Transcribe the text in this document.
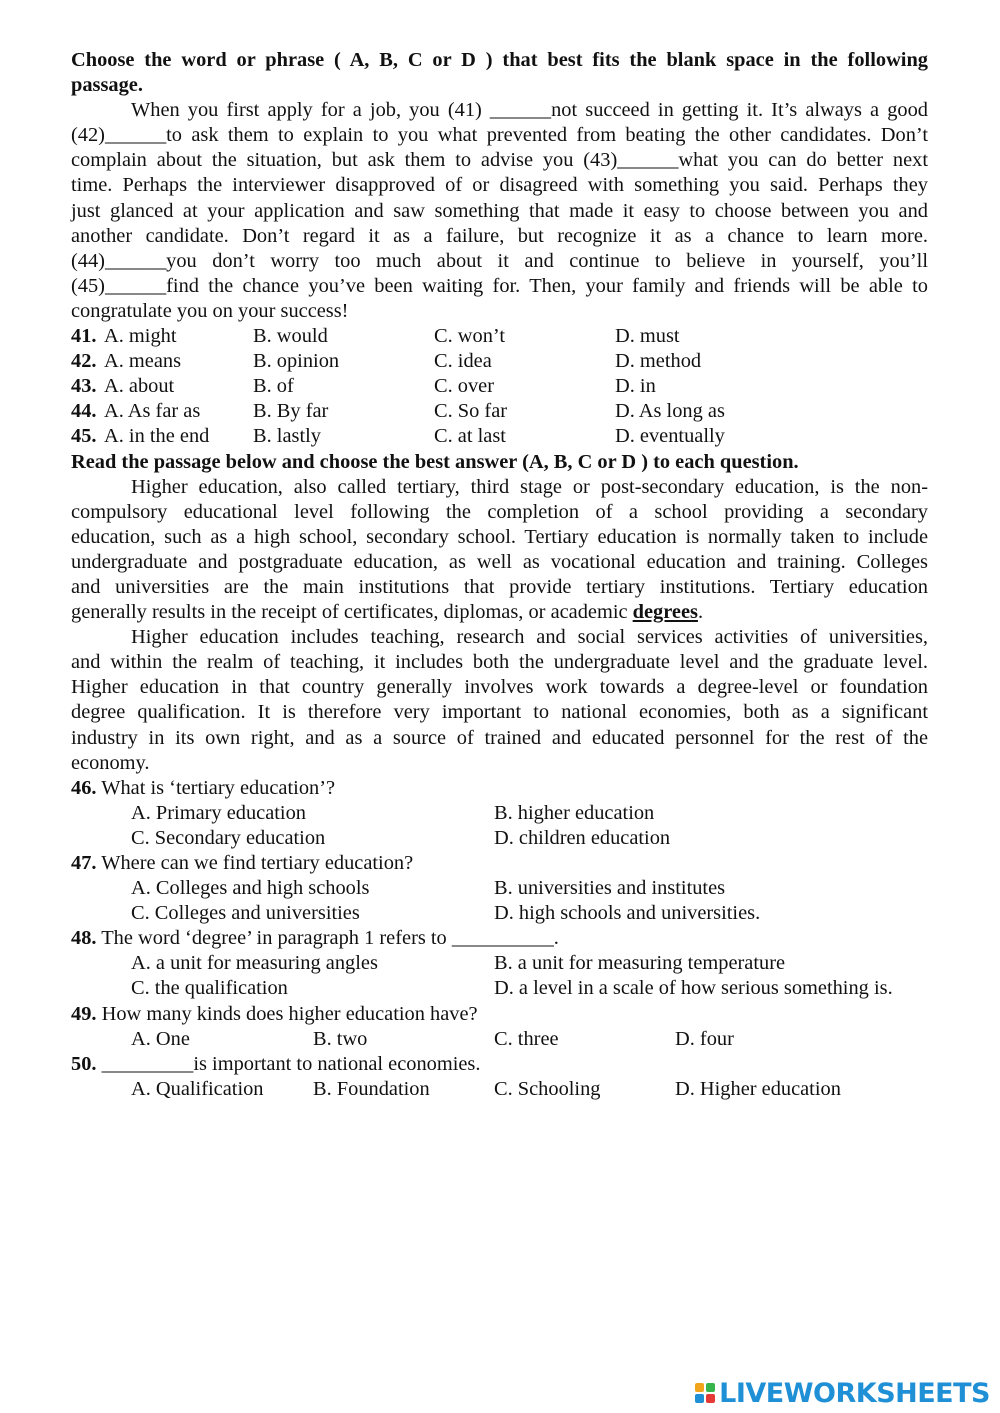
Choose the word or phrase ( A, B, C or D ) that best fits the blank space in the following
passage.
When you first apply for a job, you (41) ______not succeed in getting it. It’s always a good
(42)______to ask them to explain to you what prevented from beating the other candidates. Don’t
complain about the situation, but ask them to advise you (43)______what you can do better next
time. Perhaps the interviewer disapproved of or disagreed with something you said. Perhaps they
just glanced at your application and saw something that made it easy to choose between you and
another candidate. Don’t regard it as a failure, but recognize it as a chance to learn more.
(44)______you don’t worry too much about it and continue to believe in yourself, you’ll
(45)______find the chance you’ve been waiting for. Then, your family and friends will be able to
congratulate you on your success!
41. A. might	B. would	C. won’t	D. must
42. A. means	B. opinion	C. idea	D. method
43. A. about	B. of	C. over	D. in
44. A. As far as	B. By far	C. So far	D. As long as
45. A. in the end B. lastly	C. at last	D. eventually
Read the passage below and choose the best answer (A, B, C or D ) to each question.
Higher education, also called tertiary, third stage or post-secondary education, is the non-
compulsory educational level following the completion of a school providing a secondary
education, such as a high school, secondary school. Tertiary education is normally taken to include
undergraduate and postgraduate education, as well as vocational education and training. Colleges
and universities are the main institutions that provide tertiary institutions. Tertiary education
generally results in the receipt of certificates, diplomas, or academic degrees.
Higher education includes teaching, research and social services activities of universities,
and within the realm of teaching, it includes both the undergraduate level and the graduate level.
Higher education in that country generally involves work towards a degree-level or foundation
degree qualification. It is therefore very important to national economies, both as a significant
industry in its own right, and as a source of trained and educated personnel for the rest of the
economy.
46. What is ‘tertiary education’?
A. Primary education	B. higher education
C. Secondary education	D. children education
47. Where can we find tertiary education?
A. Colleges and high schools	B. universities and institutes
C. Colleges and universities	D. high schools and universities.
48. The word ‘degree’ in paragraph 1 refers to __________.
A. a unit for measuring angles	B. a unit for measuring temperature
C. the qualification	D. a level in a scale of how serious something is.
49. How many kinds does higher education have?
A. One	B. two	C. three	D. four
50. _________is important to national economies.
A. Qualification B. Foundation	C. Schooling	D. Higher education
LIVEWORKSHEETS
